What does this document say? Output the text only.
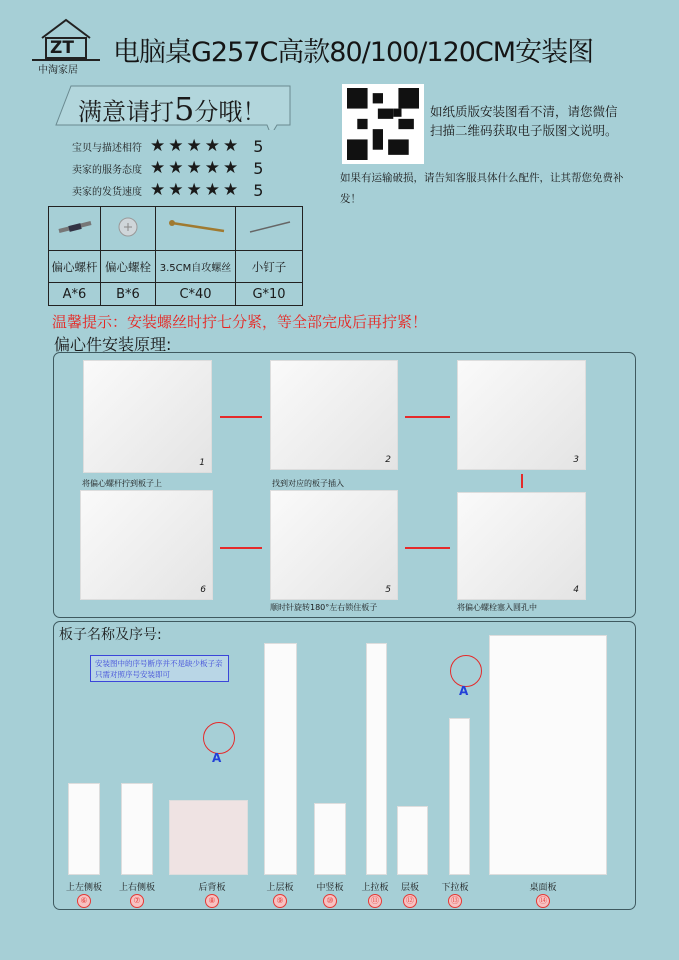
ZT
中淘家居
电脑桌G257C高款80/100/120CM安装图
满意请打5分哦！
宝贝与描述相符 ★★★★★ 5
卖家的服务态度 ★★★★★ 5
卖家的发货速度 ★★★★★ 5
如纸质版安装图看不清，请您微信
扫描二维码获取电子版图文说明。
如果有运输破损，请告知客服具体什么配件，让其帮您免费补发！

偏心螺杆	偏心螺栓	3.5CM自攻螺丝	小钉子
A*6	B*6	C*40	G*10
温馨提示：安装螺丝时拧七分紧，等全部完成后再拧紧！
偏心件安装原理:
1	2	3
4
5
6
将偏心螺杆拧到板子上	找到对应的板子插入
将偏心螺栓塞入圆孔中
顺时针旋转180°左右锁住板子
板子名称及序号:
安装图中的序号断序并不是缺少板子亲只需对照序号安装即可
A
A
上左侧板
⑥
上右侧板
⑦
后背板
⑧
上层板
⑨
中竖板
⑩
上拉板
⑪
层板
⑫
下拉板
⑬
桌面板
⑭
